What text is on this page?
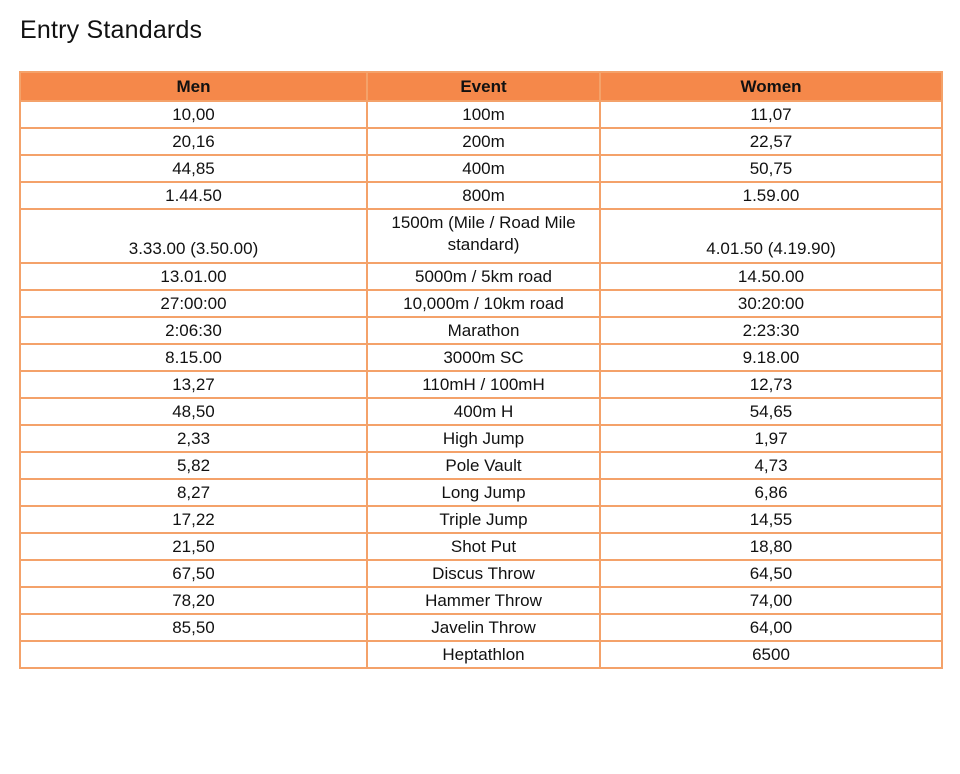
Entry Standards
Men	Event	Women
10,00	100m	11,07
20,16	200m	22,57
44,85	400m	50,75
1.44.50	800m	1.59.00
3.33.00 (3.50.00)	1500m (Mile / Road Mile standard)	4.01.50 (4.19.90)
13.01.00	5000m / 5km road	14.50.00
27:00:00	10,000m / 10km road	30:20:00
2:06:30	Marathon	2:23:30
8.15.00	3000m SC	9.18.00
13,27	110mH / 100mH	12,73
48,50	400m H	54,65
2,33	High Jump	1,97
5,82	Pole Vault	4,73
8,27	Long Jump	6,86
17,22	Triple Jump	14,55
21,50	Shot Put	18,80
67,50	Discus Throw	64,50
78,20	Hammer Throw	74,00
85,50	Javelin Throw	64,00
	Heptathlon	6500
